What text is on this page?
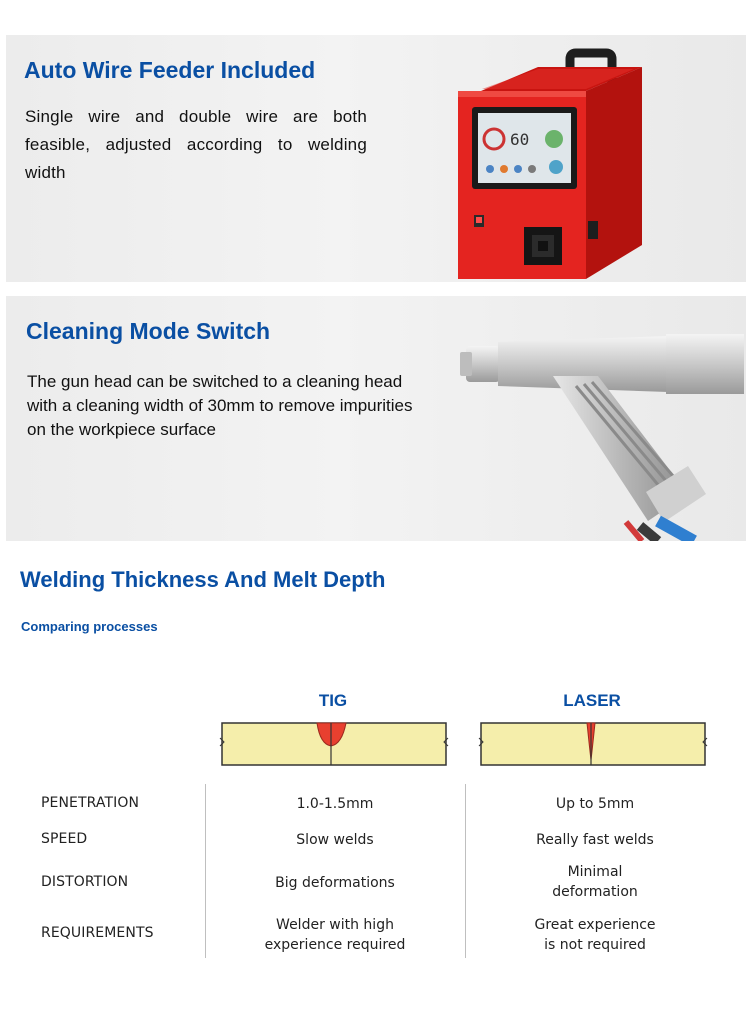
Auto Wire Feeder Included

Single wire and double wire are both feasible, adjusted according to welding width

60
Cleaning Mode Switch

The gun head can be switched to a cleaning head with a cleaning width of 30mm to remove impurities on the workpiece surface

Welding Thickness And Melt Depth
Comparing processes
TIG	LASER
PENETRATION
SPEED
DISTORTION
REQUIREMENTS
1.0-1.5mm
Slow welds
Big deformations
Welder with high
experience required
Up to 5mm
Really fast welds
Minimal
deformation
Great experience
is not required
